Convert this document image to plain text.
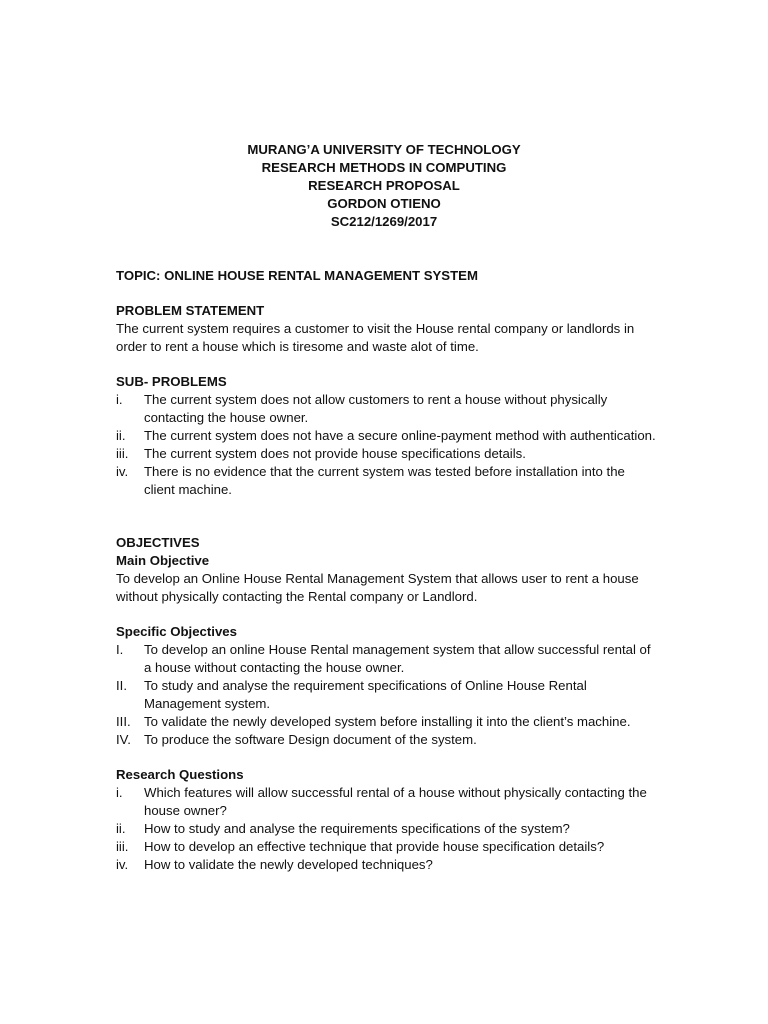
MURANG’A UNIVERSITY OF TECHNOLOGY
RESEARCH METHODS IN COMPUTING
RESEARCH PROPOSAL
GORDON OTIENO
SC212/1269/2017
TOPIC: ONLINE HOUSE RENTAL MANAGEMENT SYSTEM
PROBLEM STATEMENT

The current system requires a customer to visit the House rental company or landlords in order to rent a house which is tiresome and waste alot of time.

SUB- PROBLEMS
i. The current system does not allow customers to rent a house without physically contacting the house owner.
ii. The current system does not have a secure online-payment method with authentication.
iii. The current system does not provide house specifications details.
iv. There is no evidence that the current system was tested before installation into the client machine.
OBJECTIVES
Main Objective

To develop an Online House Rental Management System that allows user to rent a house without physically contacting the Rental company or Landlord.

Specific Objectives
I. To develop an online House Rental management system that allow successful rental of a house without contacting the house owner.
II. To study and analyse the requirement specifications of Online House Rental Management system.
III. To validate the newly developed system before installing it into the client’s machine.
IV. To produce the software Design document of the system.
Research Questions
i. Which features will allow successful rental of a house without physically contacting the house owner?
ii. How to study and analyse the requirements specifications of the system?
iii. How to develop an effective technique that provide house specification details?
iv. How to validate the newly developed techniques?
